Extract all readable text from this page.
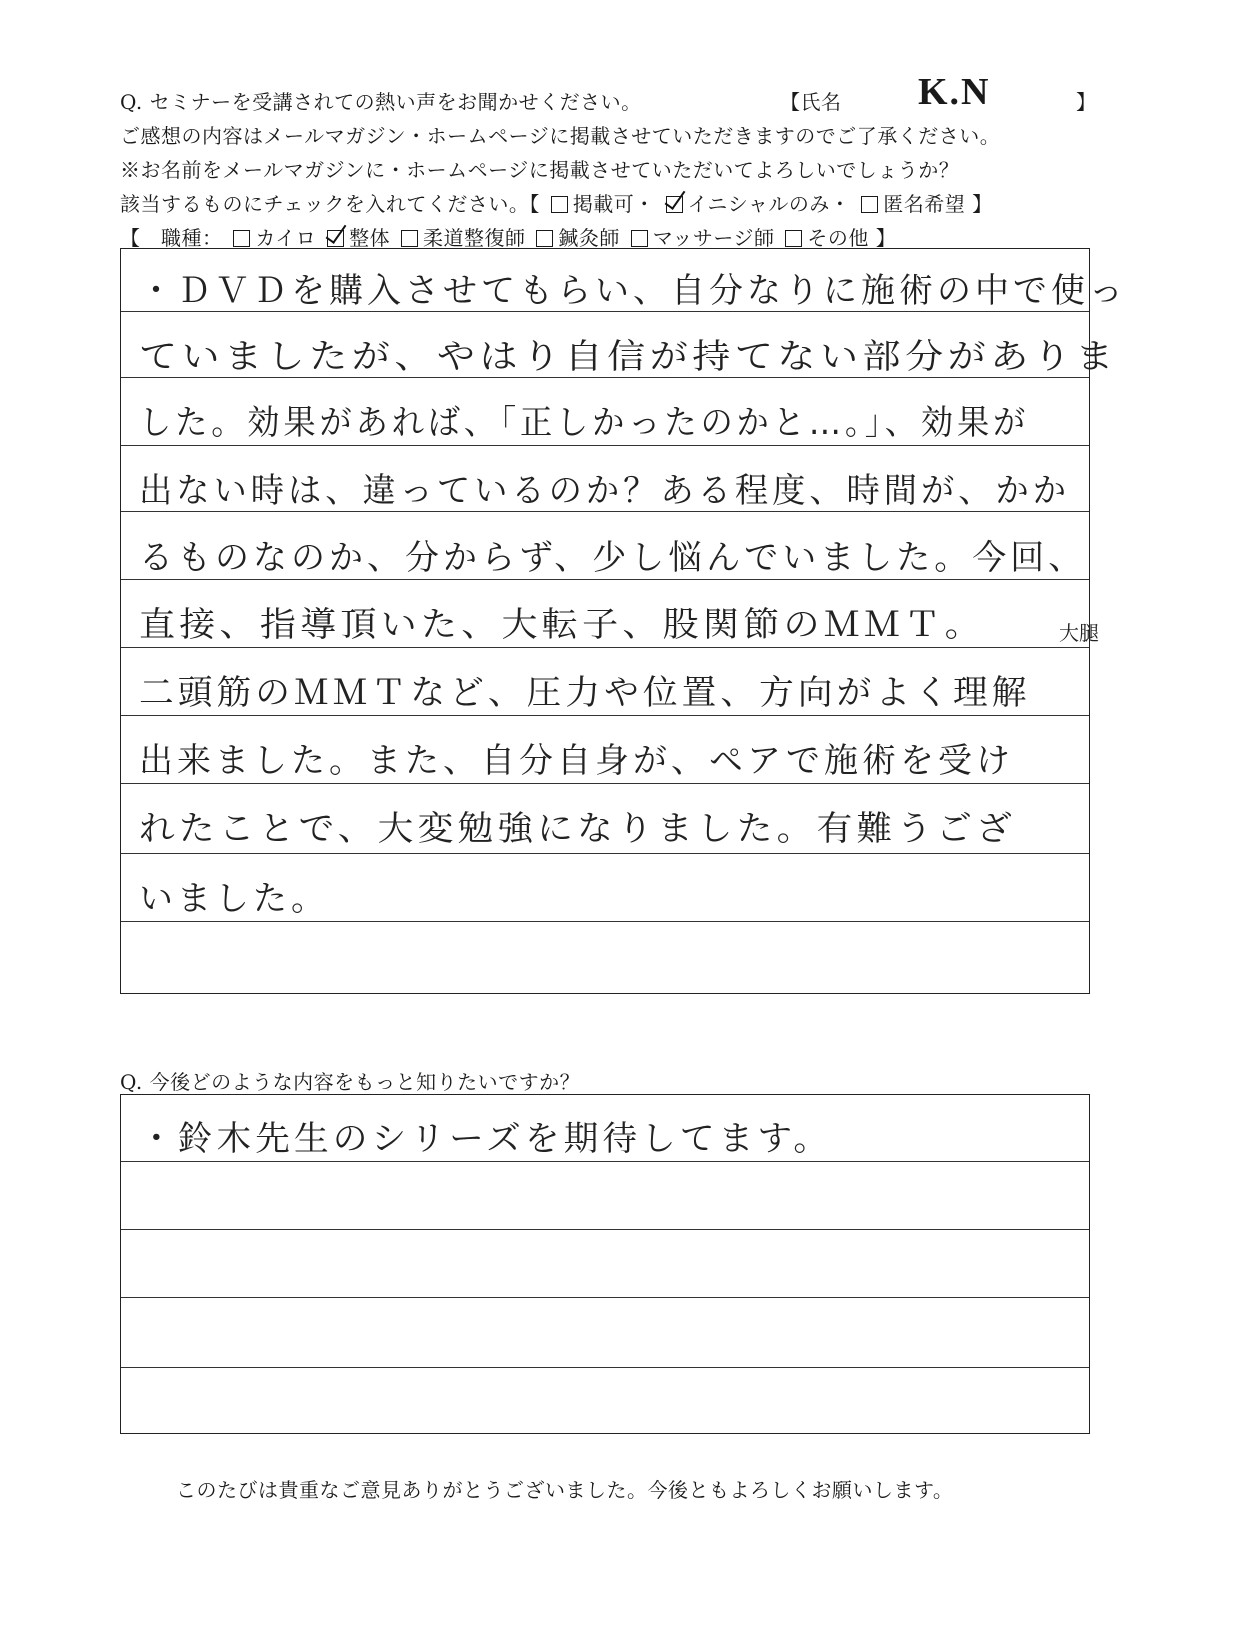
Q. セミナーを受講されての熱い声をお聞かせください。	【氏名 K.N	】
ご感想の内容はメールマガジン・ホームページに掲載させていただきますのでご了承ください。
※お名前をメールマガジンに・ホームページに掲載させていただいてよろしいでしょうか？
該当するものにチェックを入れてください。【 掲載可・ イニシャルのみ・ 匿名希望 】
【　職種： カイロ 整体 柔道整復師 鍼灸師 マッサージ師 その他 】
・ＤＶＤを購入させてもらい、自分なりに施術の中で使っ
ていましたが、やはり自信が持てない部分がありま
した。効果があれば、「正しかったのかと…。」、効果が
出ない時は、違っているのか？ある程度、時間が、かか
るものなのか、分からず、少し悩んでいました。今回、
直接、指導頂いた、大転子、股関節のＭＭＴ。	大腿
二頭筋のＭＭＴなど、圧力や位置、方向がよく理解
出来ました。また、自分自身が、ペアで施術を受け
れたことで、大変勉強になりました。有難うござ
いました。
Q. 今後どのような内容をもっと知りたいですか？
・鈴木先生のシリーズを期待してます。
このたびは貴重なご意見ありがとうございました。今後ともよろしくお願いします。
